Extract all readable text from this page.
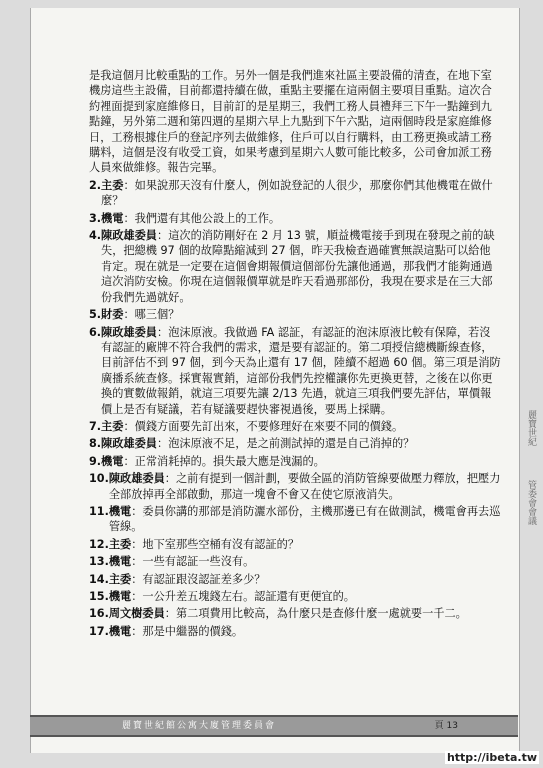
是我這個月比較重點的工作。另外一個是我們進來社區主要設備的清查，在地下室機房這些主設備，目前都還持續在做，重點主要擺在這兩個主要項目重點。這次合約裡面提到家庭維修日，目前訂的是星期三，我們工務人員禮拜三下午一點鐘到九點鐘，另外第二週和第四週的星期六早上九點到下午六點，這兩個時段是家庭維修日，工務根據住戶的登記序列去做維修，住戶可以自行購料，由工務更換或請工務購料，這個是沒有收受工資，如果考慮到星期六人數可能比較多，公司會加派工務人員來做維修。報告完畢。

2. 主委：如果說那天沒有什麼人，例如說登記的人很少，那麼你們其他機電在做什麼？
3. 機電：我們還有其他公設上的工作。
4. 陳政雄委員：這次的消防剛好在 2 月 13 號，順益機電接手到現在發現之前的缺失，把總機 97 個的故障點縮減到 27 個，昨天我檢查過確實無誤這點可以給他肯定。現在就是一定要在這個會期報價這個部份先讓他通過，那我們才能夠通過這次消防安檢。你現在這個報價單就是昨天看過那部份，我現在要求是在三大部份我們先過就好。
5. 財委：哪三個？
6. 陳政雄委員：泡沫原液。我做過 FA 認証，有認証的泡沫原液比較有保障，若沒有認証的廠牌不符合我們的需求，還是要有認証的。第二項授信總機斷線查修，目前評估不到 97 個，到今天為止還有 17 個，陸續不超過 60 個。第三項是消防廣播系統查修。採實報實銷，這部份我們先控權讓你先更換更替，之後在以你更換的實數做報銷，就這三項要先讓 2/13 先過，就這三項我們要先評估，單價報價上是否有疑議，若有疑議要趕快審視過後，要馬上採購。
7. 主委：價錢方面要先訂出來，不要修理好在來要不同的價錢。
8. 陳政雄委員：泡沫原液不足，是之前測試掉的還是自己消掉的？
9. 機電：正常消耗掉的。損失最大應是洩漏的。
10. 陳政雄委員：之前有提到一個計劃，要做全區的消防管線要做壓力釋放，把壓力全部放掉再全部啟動，那這一塊會不會又在使它原液消失。
11. 機電：委員你講的那部是消防灑水部份，主機那邊已有在做測試，機電會再去巡管線。
12. 主委：地下室那些空桶有沒有認証的？
13. 機電：一些有認証一些沒有。
14. 主委：有認証跟沒認証差多少？
15. 機電：一公升差五塊錢左右。認証還有更便宜的。
16. 周文樹委員：第二項費用比較高，為什麼只是查修什麼一處就要一千二。
17. 機電：那是中繼器的價錢。
麗寶世紀
管委會會議
麗寶世紀館公寓大廈管理委員會	頁 13
http://ibeta.tw
